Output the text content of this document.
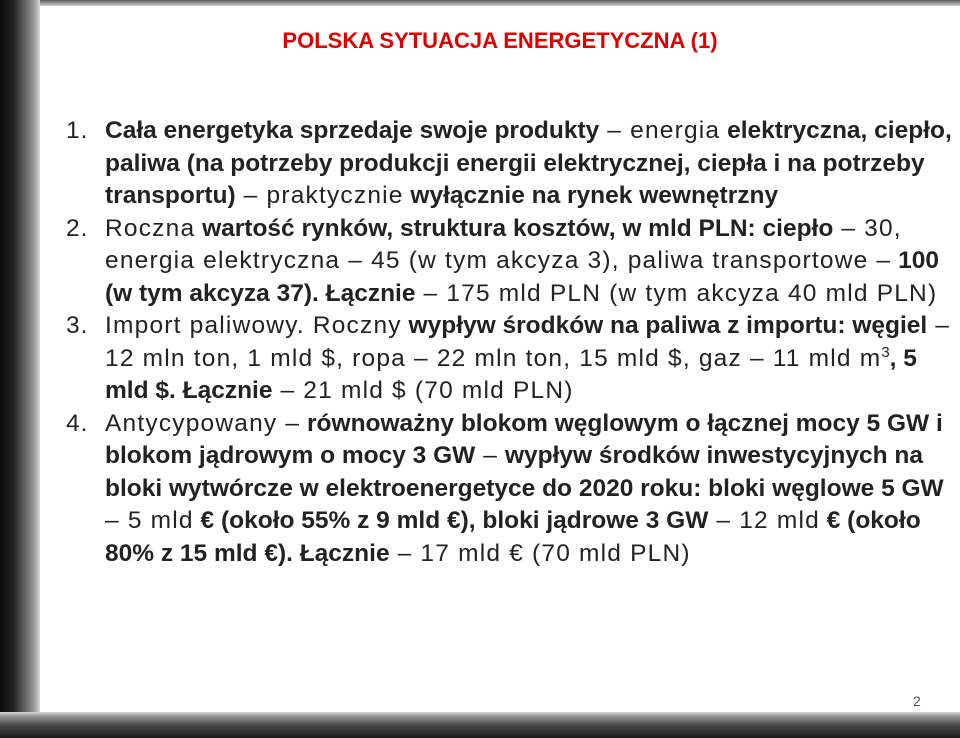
POLSKA SYTUACJA ENERGETYCZNA (1)
1. Cała energetyka sprzedaje swoje produkty – energia elektryczna, ciepło, paliwa (na potrzeby produkcji energii elektrycznej, ciepła i na potrzeby transportu) – praktycznie wyłącznie na rynek wewnętrzny
2. Roczna wartość rynków, struktura kosztów, w mld PLN: ciepło – 30, energia elektryczna – 45 (w tym akcyza 3), paliwa transportowe – 100 (w tym akcyza 37). Łącznie – 175 mld PLN (w tym akcyza 40 mld PLN)
3. Import paliwowy. Roczny wypływ środków na paliwa z importu: węgiel – 12 mln ton, 1 mld $, ropa – 22 mln ton, 15 mld $, gaz – 11 mld $m^3$, 5 mld $. Łącznie – 21 mld $ (70 mld PLN)
4. Antycypowany – równoważny blokom węglowym o łącznej mocy 5 GW i blokom jądrowym o mocy 3 GW – wypływ środków inwestycyjnych na bloki wytwórcze w elektroenergetyce do 2020 roku: bloki węglowe 5 GW – 5 mld € (około 55% z 9 mld €), bloki jądrowe 3 GW – 12 mld € (około 80% z 15 mld €). Łącznie – 17 mld € (70 mld PLN)
2
